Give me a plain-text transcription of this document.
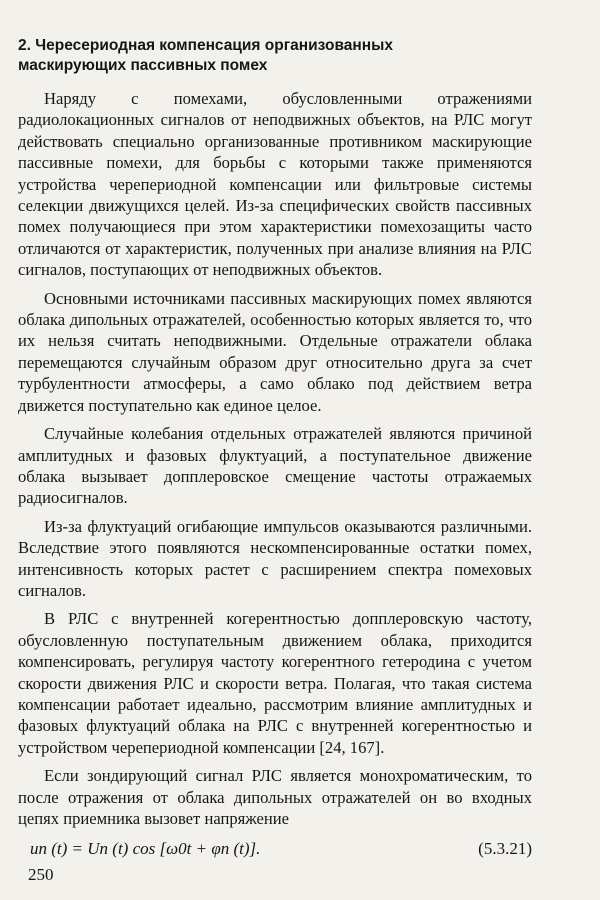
2. Чересериодная компенсация организованных
маскирующих пассивных помех

Наряду с помехами, обусловленными отражениями радиолокационных сигналов от неподвижных объектов, на РЛС могут действовать специально организованные противником маскирующие пассивные помехи, для борьбы с которыми также применяются устройства черепериодной компенсации или фильтровые системы селекции движущихся целей. Из-за специфических свойств пассивных помех получающиеся при этом характеристики помехозащиты часто отличаются от характеристик, полученных при анализе влияния на РЛС сигналов, поступающих от неподвижных объектов.

Основными источниками пассивных маскирующих помех являются облака дипольных отражателей, особенностью которых является то, что их нельзя считать неподвижными. Отдельные отражатели облака перемещаются случайным образом друг относительно друга за счет турбулентности атмосферы, а само облако под действием ветра движется поступательно как единое целое.

Случайные колебания отдельных отражателей являются причиной амплитудных и фазовых флуктуаций, а поступательное движение облака вызывает допплеровское смещение частоты отражаемых радиосигналов.

Из-за флуктуаций огибающие импульсов оказываются различными. Вследствие этого появляются нескомпенсированные остатки помех, интенсивность которых растет с расширением спектра помеховых сигналов.

В РЛС с внутренней когерентностью допплеровскую частоту, обусловленную поступательным движением облака, приходится компенсировать, регулируя частоту когерентного гетеродина с учетом скорости движения РЛС и скорости ветра. Полагая, что такая система компенсации работает идеально, рассмотрим влияние амплитудных и фазовых флуктуаций облака на РЛС с внутренней когерентностью и устройством черепериодной компенсации [24, 167].

Если зондирующий сигнал РЛС является монохроматическим, то после отражения от облака дипольных отражателей он во входных цепях приемника вызовет напряжение

uп (t) = Uп (t) cos [ω0t + φп (t)].	(5.3.21)
250
